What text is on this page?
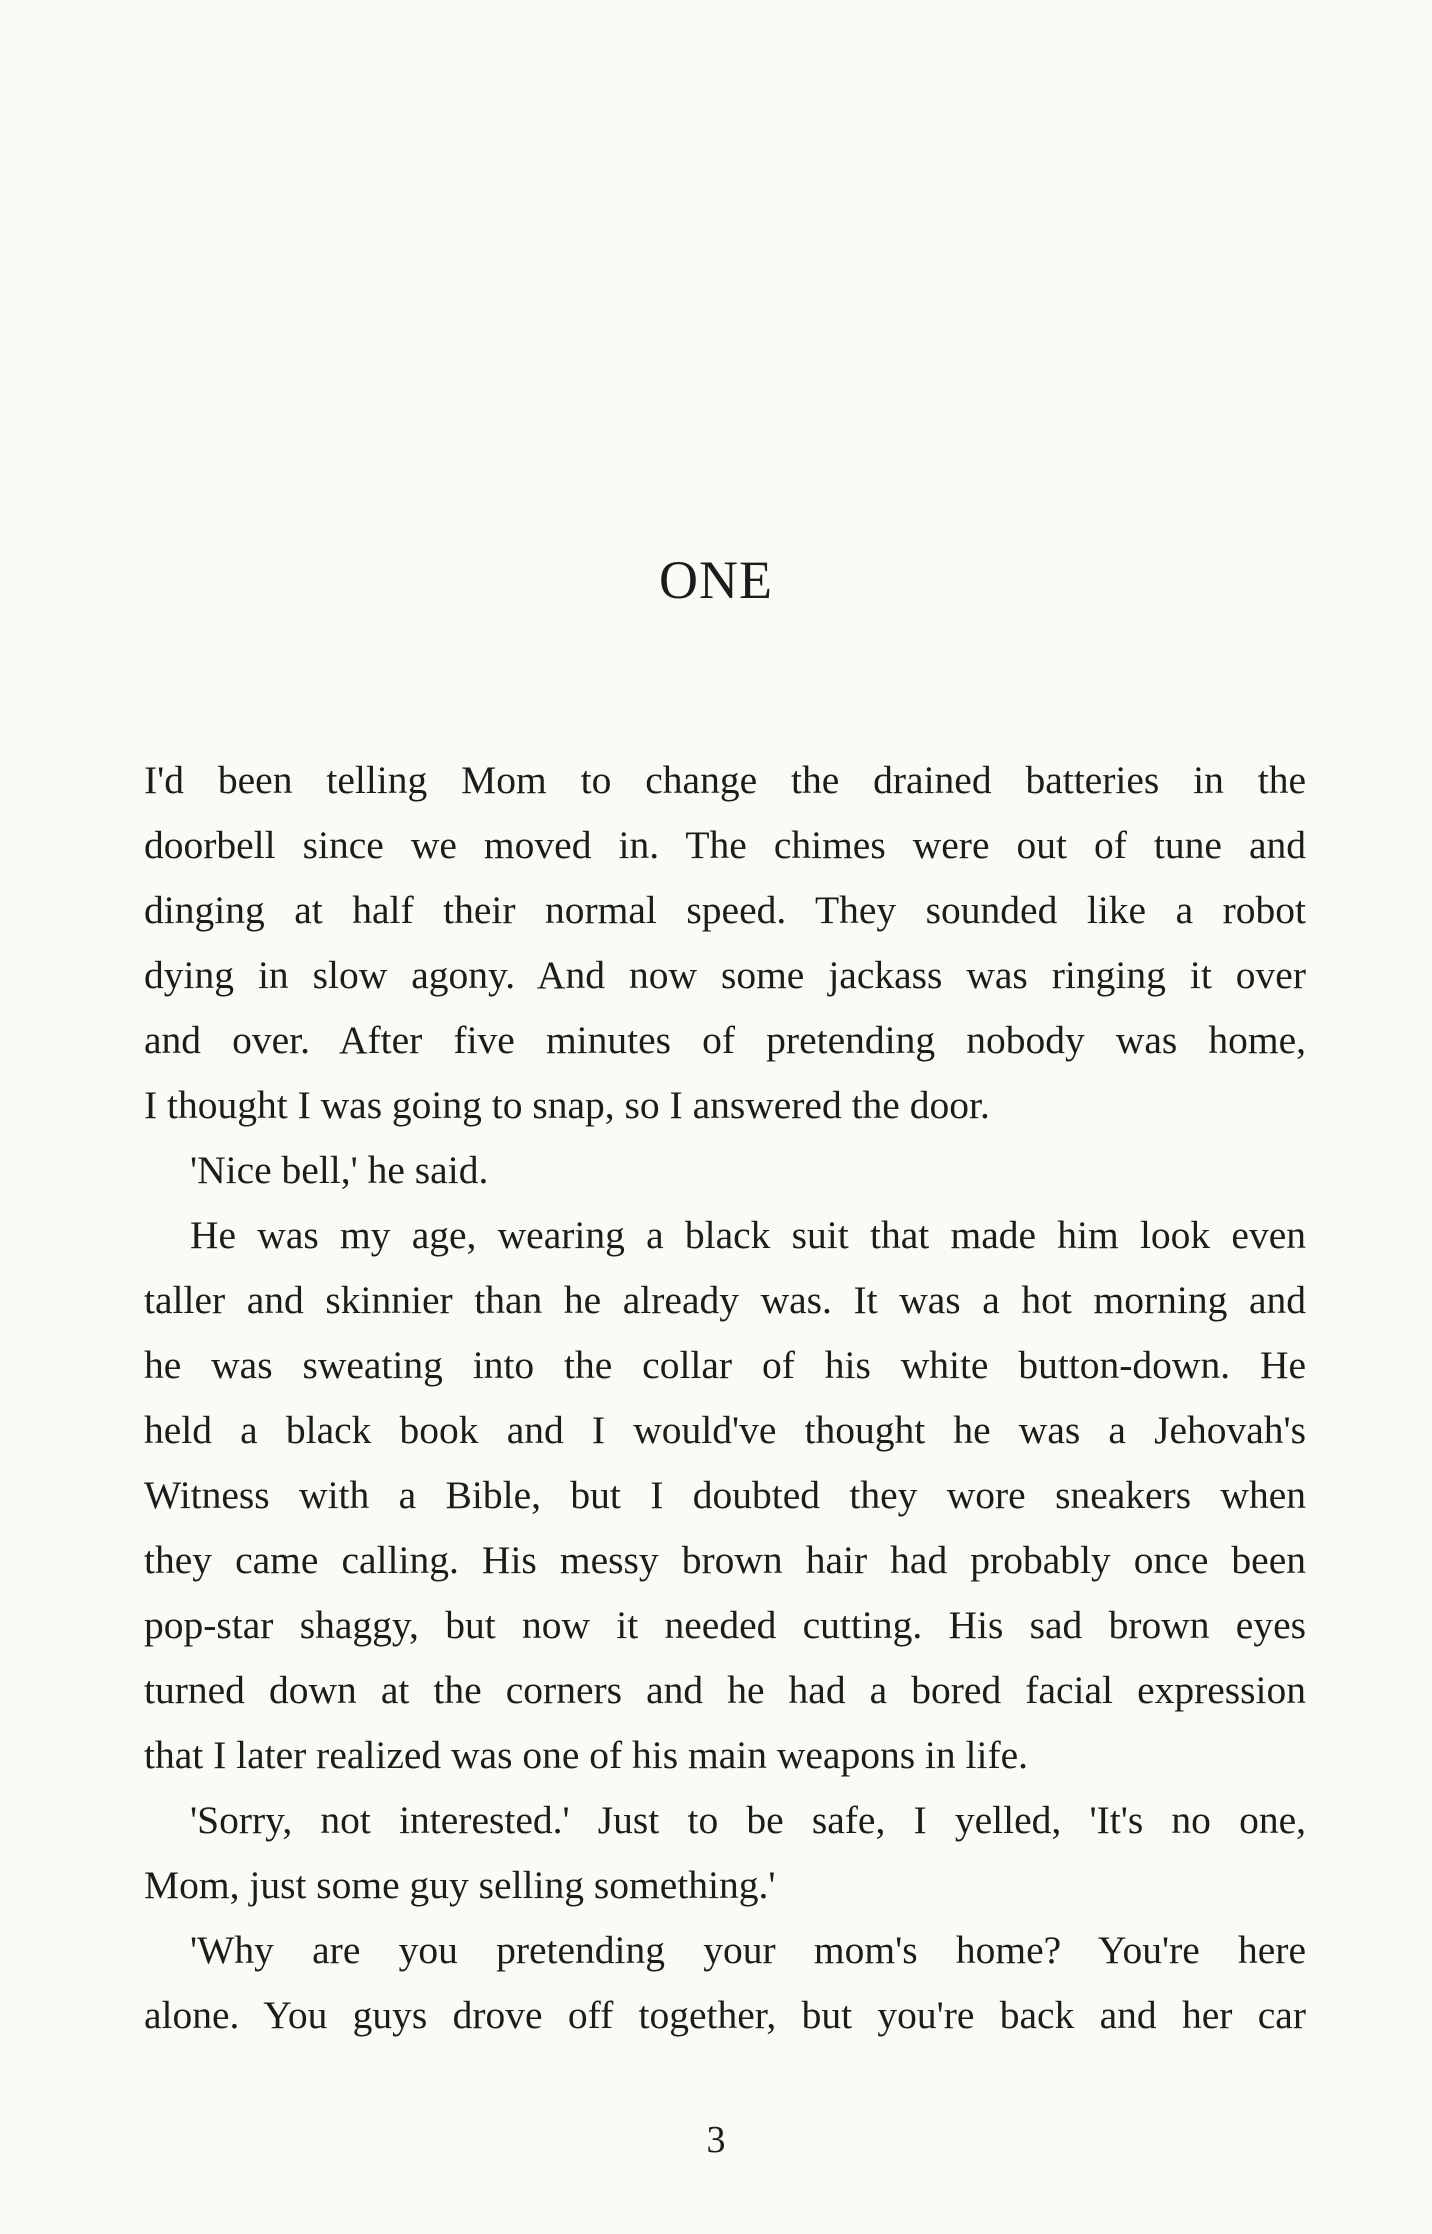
ONE
I'd been telling Mom to change the drained batteries in the
doorbell since we moved in. The chimes were out of tune and
dinging at half their normal speed. They sounded like a robot
dying in slow agony. And now some jackass was ringing it over
and over. After five minutes of pretending nobody was home,
I thought I was going to snap, so I answered the door.
'Nice bell,' he said.
He was my age, wearing a black suit that made him look even
taller and skinnier than he already was. It was a hot morning and
he was sweating into the collar of his white button-down. He
held a black book and I would've thought he was a Jehovah's
Witness with a Bible, but I doubted they wore sneakers when
they came calling. His messy brown hair had probably once been
pop-star shaggy, but now it needed cutting. His sad brown eyes
turned down at the corners and he had a bored facial expression
that I later realized was one of his main weapons in life.
'Sorry, not interested.' Just to be safe, I yelled, 'It's no one,
Mom, just some guy selling something.'
'Why are you pretending your mom's home? You're here
alone. You guys drove off together, but you're back and her car
3
